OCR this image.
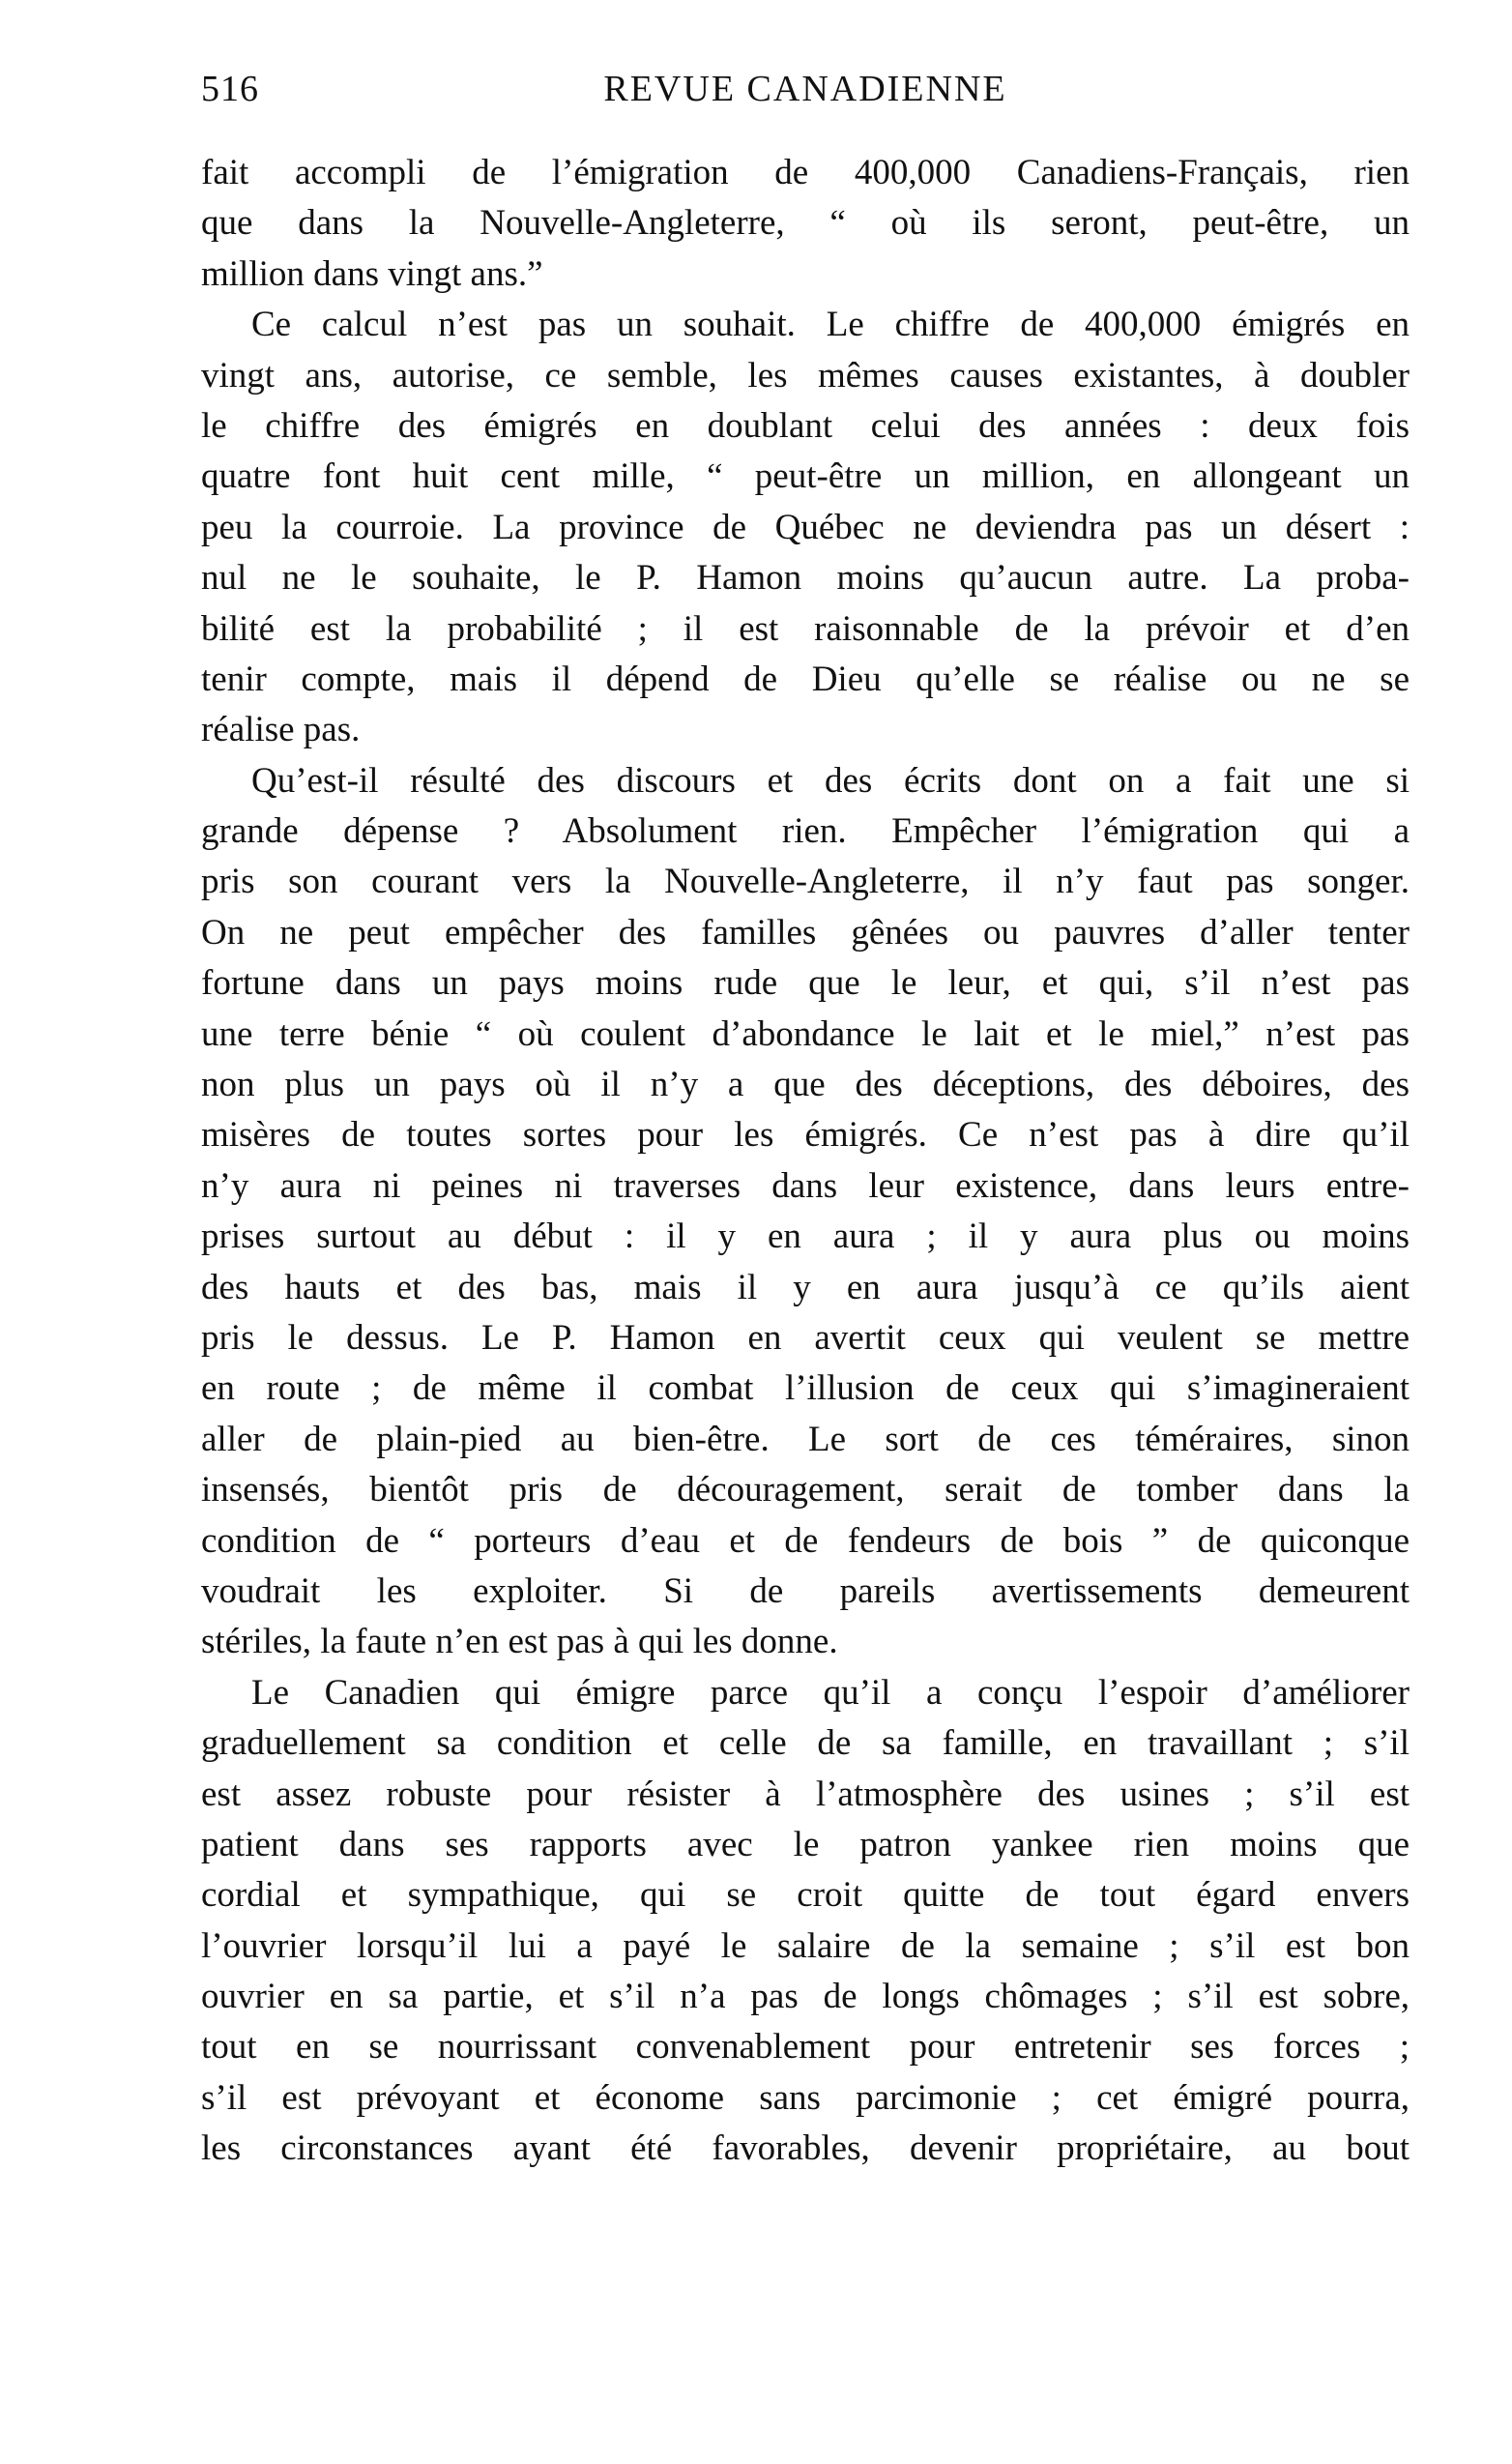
516	REVUE CANADIENNE
fait accompli de l’émigration de 400,000 Canadiens-Français, rien
que dans la Nouvelle-Angleterre, “ où ils seront, peut-être, un
million dans vingt ans.”
Ce calcul n’est pas un souhait. Le chiffre de 400,000 émigrés en
vingt ans, autorise, ce semble, les mêmes causes existantes, à doubler
le chiffre des émigrés en doublant celui des années : deux fois
quatre font huit cent mille, “ peut-être un million, en allongeant un
peu la courroie. La province de Québec ne deviendra pas un désert :
nul ne le souhaite, le P. Hamon moins qu’aucun autre. La proba-
bilité est la probabilité ; il est raisonnable de la prévoir et d’en
tenir compte, mais il dépend de Dieu qu’elle se réalise ou ne se
réalise pas.
Qu’est-il résulté des discours et des écrits dont on a fait une si
grande dépense ? Absolument rien. Empêcher l’émigration qui a
pris son courant vers la Nouvelle-Angleterre, il n’y faut pas songer.
On ne peut empêcher des familles gênées ou pauvres d’aller tenter
fortune dans un pays moins rude que le leur, et qui, s’il n’est pas
une terre bénie “ où coulent d’abondance le lait et le miel,” n’est pas
non plus un pays où il n’y a que des déceptions, des déboires, des
misères de toutes sortes pour les émigrés. Ce n’est pas à dire qu’il
n’y aura ni peines ni traverses dans leur existence, dans leurs entre-
prises surtout au début : il y en aura ; il y aura plus ou moins
des hauts et des bas, mais il y en aura jusqu’à ce qu’ils aient
pris le dessus. Le P. Hamon en avertit ceux qui veulent se mettre
en route ; de même il combat l’illusion de ceux qui s’imagineraient
aller de plain-pied au bien-être. Le sort de ces téméraires, sinon
insensés, bientôt pris de découragement, serait de tomber dans la
condition de “ porteurs d’eau et de fendeurs de bois ” de quiconque
voudrait les exploiter. Si de pareils avertissements demeurent
stériles, la faute n’en est pas à qui les donne.
Le Canadien qui émigre parce qu’il a conçu l’espoir d’améliorer
graduellement sa condition et celle de sa famille, en travaillant ; s’il
est assez robuste pour résister à l’atmosphère des usines ; s’il est
patient dans ses rapports avec le patron yankee rien moins que
cordial et sympathique, qui se croit quitte de tout égard envers
l’ouvrier lorsqu’il lui a payé le salaire de la semaine ; s’il est bon
ouvrier en sa partie, et s’il n’a pas de longs chômages ; s’il est sobre,
tout en se nourrissant convenablement pour entretenir ses forces ;
s’il est prévoyant et économe sans parcimonie ; cet émigré pourra,
les circonstances ayant été favorables, devenir propriétaire, au bout
